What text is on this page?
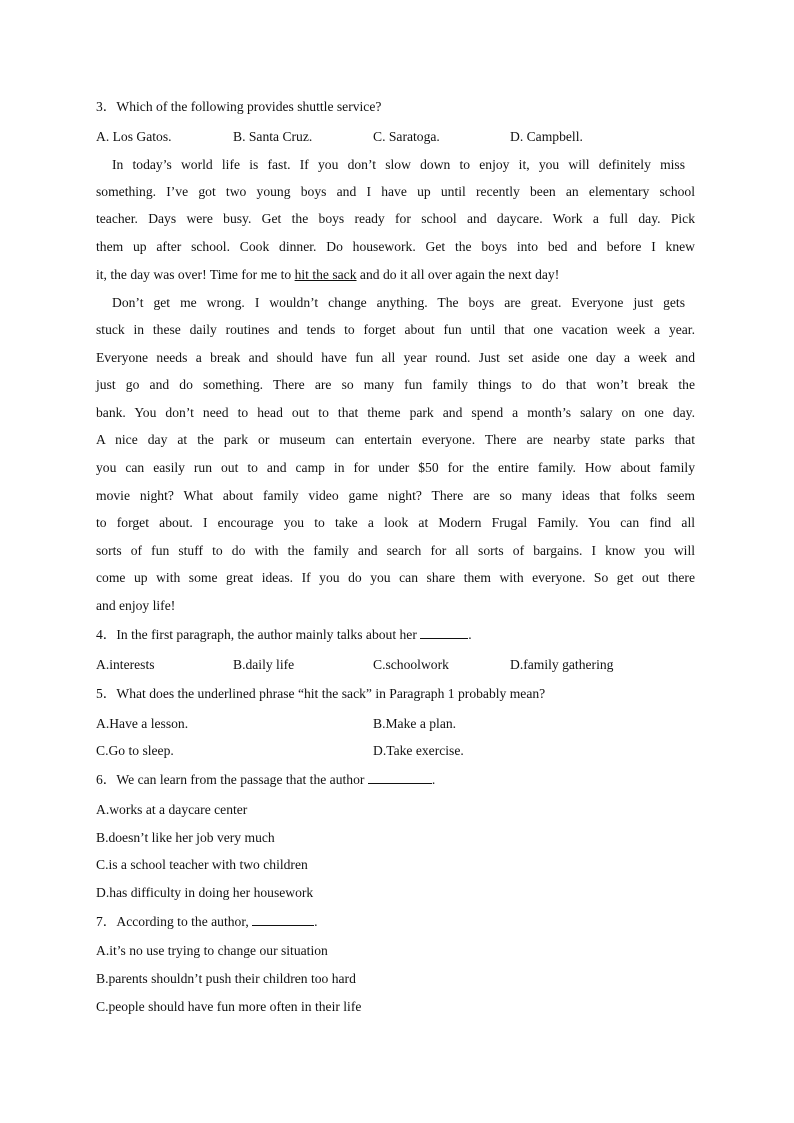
3．Which of the following provides shuttle service?
A. Los Gatos.	B. Santa Cruz.	C. Saratoga.	D. Campbell.
In today’s world life is fast. If you don’t slow down to enjoy it, you will definitely miss
something. I’ve got two young boys and I have up until recently been an elementary school
teacher. Days were busy. Get the boys ready for school and daycare. Work a full day. Pick
them up after school. Cook dinner. Do housework. Get the boys into bed and before I knew
it, the day was over! Time for me to hit the sack and do it all over again the next day!
Don’t get me wrong. I wouldn’t change anything. The boys are great. Everyone just gets
stuck in these daily routines and tends to forget about fun until that one vacation week a year.
Everyone needs a break and should have fun all year round. Just set aside one day a week and
just go and do something. There are so many fun family things to do that won’t break the
bank. You don’t need to head out to that theme park and spend a month’s salary on one day.
A nice day at the park or museum can entertain everyone. There are nearby state parks that
you can easily run out to and camp in for under $50 for the entire family. How about family
movie night? What about family video game night? There are so many ideas that folks seem
to forget about. I encourage you to take a look at Modern Frugal Family. You can find all
sorts of fun stuff to do with the family and search for all sorts of bargains. I know you will
come up with some great ideas. If you do you can share them with everyone. So get out there
and enjoy life!
4．In the first paragraph, the author mainly talks about her	.
A.interests	B.daily life	C.schoolwork	D.family gathering
5．What does the underlined phrase “hit the sack” in Paragraph 1 probably mean?
A.Have a lesson.	B.Make a plan.
C.Go to sleep.	D.Take exercise.
6．We can learn from the passage that the author	.
A.works at a daycare center
B.doesn’t like her job very much
C.is a school teacher with two children
D.has difficulty in doing her housework
7．According to the author,	.
A.it’s no use trying to change our situation
B.parents shouldn’t push their children too hard
C.people should have fun more often in their life
